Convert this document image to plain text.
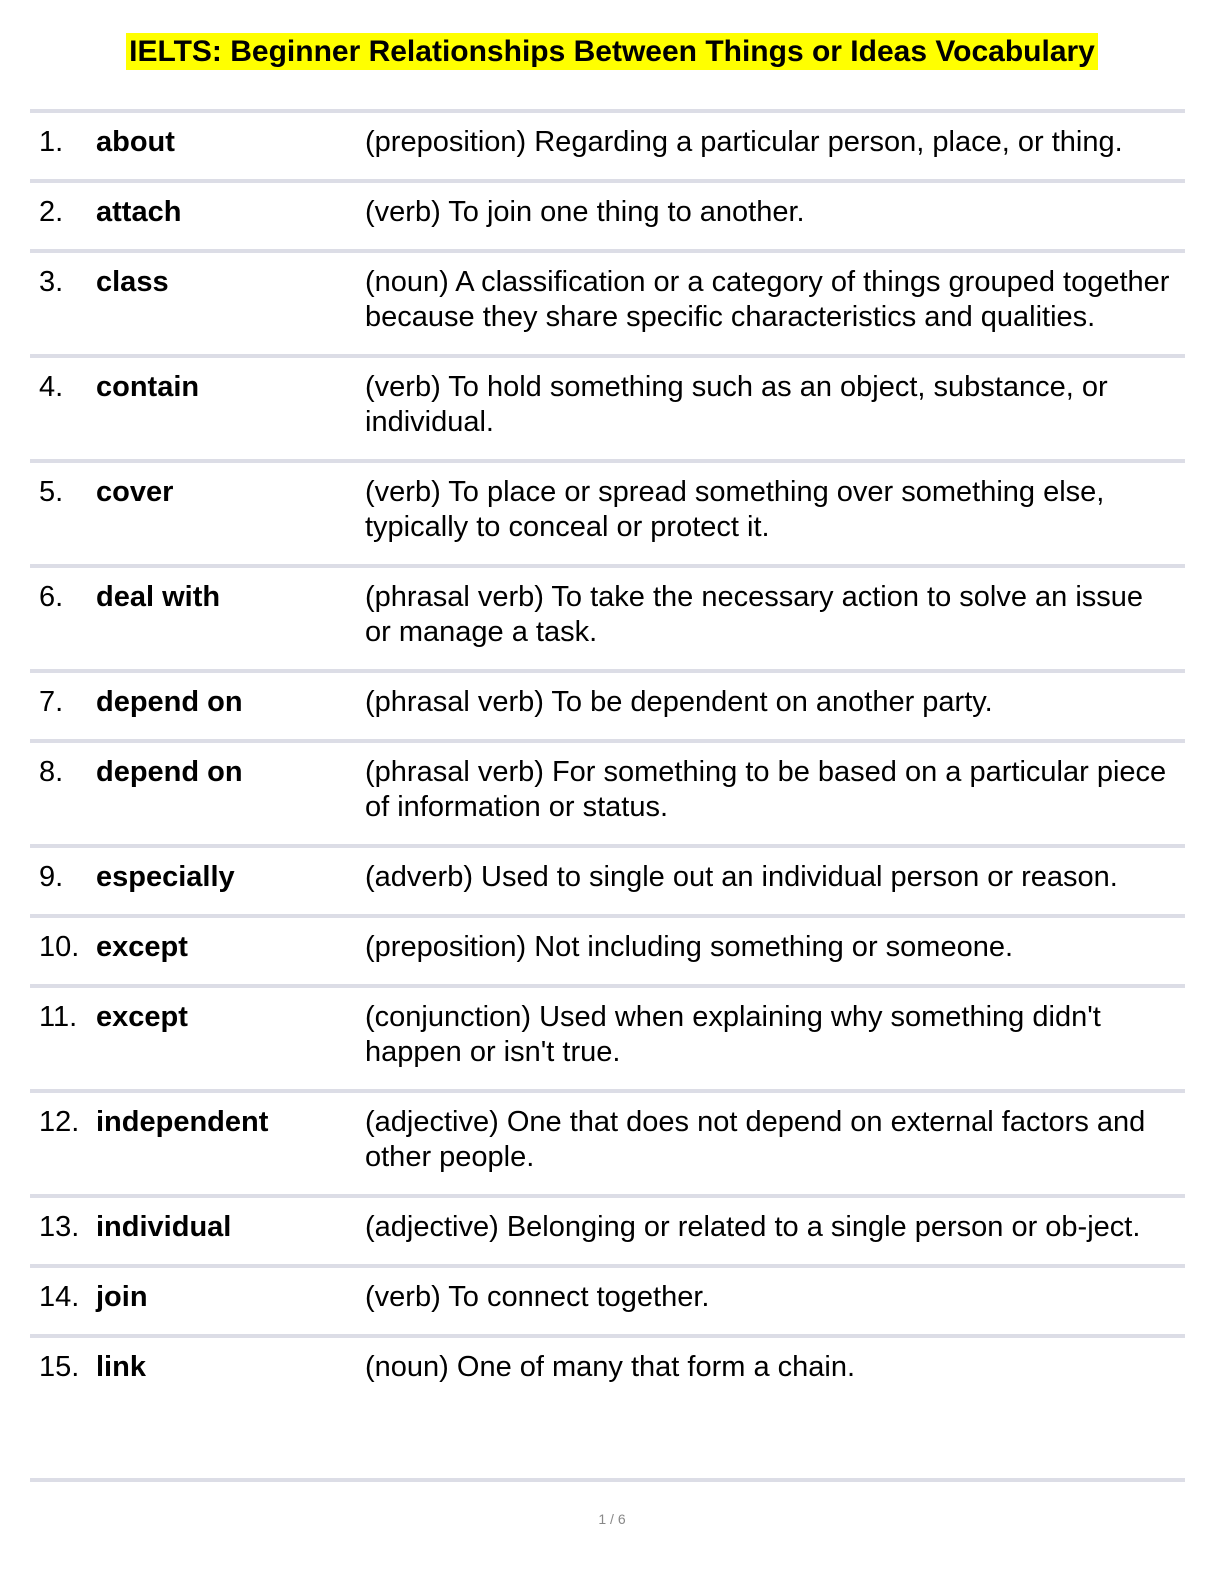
IELTS: Beginner Relationships Between Things or Ideas Vocabulary
1.	about	(preposition) Regarding a particular person, place, or thing.
2.	attach	(verb) To join one thing to another.
3.	class	(noun) A classification or a category of things grouped together because they share specific characteristics and qualities.
4.	contain	(verb) To hold something such as an object, substance, or individual.
5.	cover	(verb) To place or spread something over something else, typically to conceal or protect it.
6.	deal with	(phrasal verb) To take the necessary action to solve an issue or manage a task.
7.	depend on	(phrasal verb) To be dependent on another party.
8.	depend on	(phrasal verb) For something to be based on a particular piece of information or status.
9.	especially	(adverb) Used to single out an individual person or reason.
10. except	(preposition) Not including something or someone.
11. except	(conjunction) Used when explaining why something didn't happen or isn't true.
12. independent	(adjective) One that does not depend on external factors and other people.
13. individual	(adjective) Belonging or related to a single person or ob-ject.
14. join	(verb) To connect together.
15. link	(noun) One of many that form a chain.
1 / 6
